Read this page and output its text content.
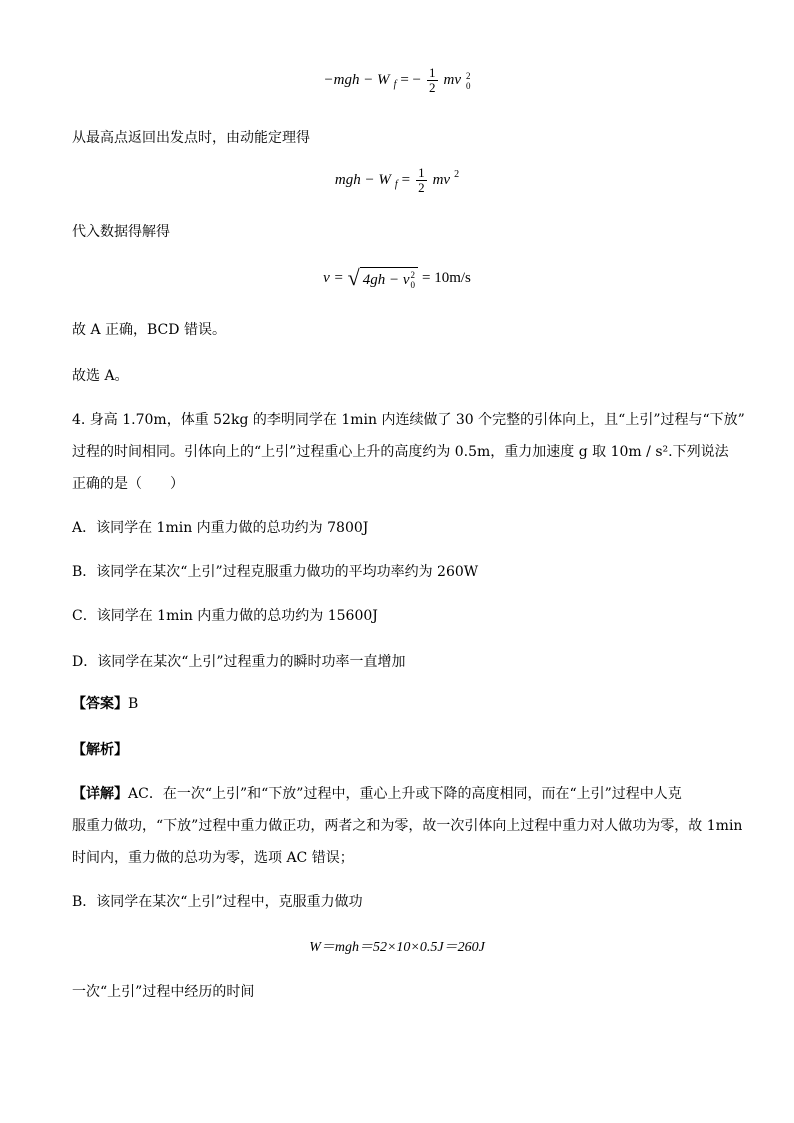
−mgh − W f = − $\frac{1}{2}$ mv 2
0
从最高点返回出发点时，由动能定理得
mgh − W $f = \frac{1}{2}$ mv 2
代入数据得解得
v = √ 4gh − v 2
0 = 10m/s
故 A 正确，BCD 错误。
故选 A。
4. 身高 1.70m，体重 52kg 的李明同学在 1min 内连续做了 30 个完整的引体向上，且“上引”过程与“下放”
过程的时间相同。引体向上的“上引”过程重心上升的高度约为 0.5m，重力加速度 g 取 10m / s².下列说法
正确的是（　　）
A．该同学在 1min 内重力做的总功约为 7800J
B．该同学在某次“上引”过程克服重力做功的平均功率约为 260W
C．该同学在 1min 内重力做的总功约为 15600J
D．该同学在某次“上引”过程重力的瞬时功率一直增加
【答案】B
【解析】
【详解】AC．在一次“上引”和“下放”过程中，重心上升或下降的高度相同，而在“上引”过程中人克
服重力做功，“下放”过程中重力做正功，两者之和为零，故一次引体向上过程中重力对人做功为零，故 1min
时间内，重力做的总功为零，选项 AC 错误；
B．该同学在某次“上引”过程中，克服重力做功
W＝mgh＝52×10×0.5J＝260J
一次“上引”过程中经历的时间
